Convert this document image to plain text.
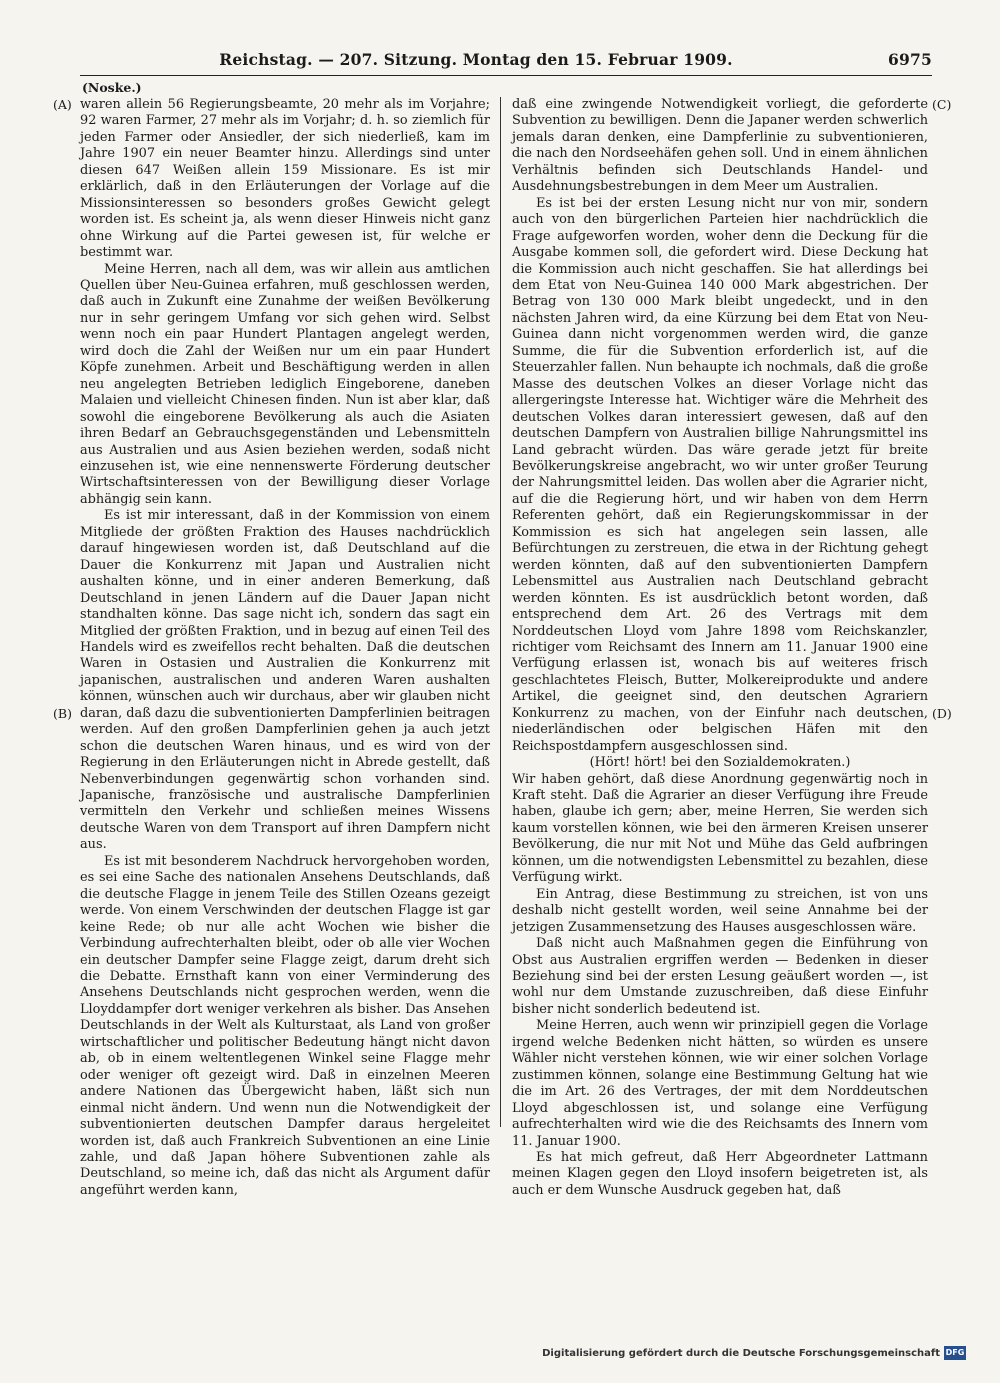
Reichstag. — 207. Sitzung. Montag den 15. Februar 1909.	6975
(Noske.)
(A)
(B)
(C)
(D)

waren allein 56 Regierungsbeamte, 20 mehr als im Vorjahre; 92 waren Farmer, 27 mehr als im Vorjahr; d. h. so ziemlich für jeden Farmer oder Ansiedler, der sich niederließ, kam im Jahre 1907 ein neuer Beamter hinzu. Allerdings sind unter diesen 647 Weißen allein 159 Missionare. Es ist mir erklärlich, daß in den Erläuterungen der Vorlage auf die Missionsinteressen so besonders großes Gewicht gelegt worden ist. Es scheint ja, als wenn dieser Hinweis nicht ganz ohne Wirkung auf die Partei gewesen ist, für welche er bestimmt war.

Meine Herren, nach all dem, was wir allein aus amtlichen Quellen über Neu-Guinea erfahren, muß geschlossen werden, daß auch in Zukunft eine Zunahme der weißen Bevölkerung nur in sehr geringem Umfang vor sich gehen wird. Selbst wenn noch ein paar Hundert Plantagen angelegt werden, wird doch die Zahl der Weißen nur um ein paar Hundert Köpfe zunehmen. Arbeit und Beschäftigung werden in allen neu angelegten Betrieben lediglich Eingeborene, daneben Malaien und vielleicht Chinesen finden. Nun ist aber klar, daß sowohl die eingeborene Bevölkerung als auch die Asiaten ihren Bedarf an Gebrauchsgegenständen und Lebensmitteln aus Australien und aus Asien beziehen werden, sodaß nicht einzusehen ist, wie eine nennenswerte Förderung deutscher Wirtschaftsinteressen von der Bewilligung dieser Vorlage abhängig sein kann.

Es ist mir interessant, daß in der Kommission von einem Mitgliede der größten Fraktion des Hauses nachdrücklich darauf hingewiesen worden ist, daß Deutschland auf die Dauer die Konkurrenz mit Japan und Australien nicht aushalten könne, und in einer anderen Bemerkung, daß Deutschland in jenen Ländern auf die Dauer Japan nicht standhalten könne. Das sage nicht ich, sondern das sagt ein Mitglied der größten Fraktion, und in bezug auf einen Teil des Handels wird es zweifellos recht behalten. Daß die deutschen Waren in Ostasien und Australien die Konkurrenz mit japanischen, australischen und anderen Waren aushalten können, wünschen auch wir durchaus, aber wir glauben nicht daran, daß dazu die subventionierten Dampferlinien beitragen werden. Auf den großen Dampferlinien gehen ja auch jetzt schon die deutschen Waren hinaus, und es wird von der Regierung in den Erläuterungen nicht in Abrede gestellt, daß Nebenverbindungen gegenwärtig schon vorhanden sind. Japanische, französische und australische Dampferlinien vermitteln den Verkehr und schließen meines Wissens deutsche Waren von dem Transport auf ihren Dampfern nicht aus.

Es ist mit besonderem Nachdruck hervorgehoben worden, es sei eine Sache des nationalen Ansehens Deutschlands, daß die deutsche Flagge in jenem Teile des Stillen Ozeans gezeigt werde. Von einem Verschwinden der deutschen Flagge ist gar keine Rede; ob nur alle acht Wochen wie bisher die Verbindung aufrechterhalten bleibt, oder ob alle vier Wochen ein deutscher Dampfer seine Flagge zeigt, darum dreht sich die Debatte. Ernsthaft kann von einer Verminderung des Ansehens Deutschlands nicht gesprochen werden, wenn die Lloyddampfer dort weniger verkehren als bisher. Das Ansehen Deutschlands in der Welt als Kulturstaat, als Land von großer wirtschaftlicher und politischer Bedeutung hängt nicht davon ab, ob in einem weltentlegenen Winkel seine Flagge mehr oder weniger oft gezeigt wird. Daß in einzelnen Meeren andere Nationen das Übergewicht haben, läßt sich nun einmal nicht ändern. Und wenn nun die Notwendigkeit der subventionierten deutschen Dampfer daraus hergeleitet worden ist, daß auch Frankreich Subventionen an eine Linie zahle, und daß Japan höhere Subventionen zahle als Deutschland, so meine ich, daß das nicht als Argument dafür angeführt werden kann,

daß eine zwingende Notwendigkeit vorliegt, die geforderte Subvention zu bewilligen. Denn die Japaner werden schwerlich jemals daran denken, eine Dampferlinie zu subventionieren, die nach den Nordseehäfen gehen soll. Und in einem ähnlichen Verhältnis befinden sich Deutschlands Handel- und Ausdehnungsbestrebungen in dem Meer um Australien.

Es ist bei der ersten Lesung nicht nur von mir, sondern auch von den bürgerlichen Parteien hier nachdrücklich die Frage aufgeworfen worden, woher denn die Deckung für die Ausgabe kommen soll, die gefordert wird. Diese Deckung hat die Kommission auch nicht geschaffen. Sie hat allerdings bei dem Etat von Neu-Guinea 140 000 Mark abgestrichen. Der Betrag von 130 000 Mark bleibt ungedeckt, und in den nächsten Jahren wird, da eine Kürzung bei dem Etat von Neu-Guinea dann nicht vorgenommen werden wird, die ganze Summe, die für die Subvention erforderlich ist, auf die Steuerzahler fallen. Nun behaupte ich nochmals, daß die große Masse des deutschen Volkes an dieser Vorlage nicht das allergeringste Interesse hat. Wichtiger wäre die Mehrheit des deutschen Volkes daran interessiert gewesen, daß auf den deutschen Dampfern von Australien billige Nahrungsmittel ins Land gebracht würden. Das wäre gerade jetzt für breite Bevölkerungskreise angebracht, wo wir unter großer Teurung der Nahrungsmittel leiden. Das wollen aber die Agrarier nicht, auf die die Regierung hört, und wir haben von dem Herrn Referenten gehört, daß ein Regierungskommissar in der Kommission es sich hat angelegen sein lassen, alle Befürchtungen zu zerstreuen, die etwa in der Richtung gehegt werden könnten, daß auf den subventionierten Dampfern Lebensmittel aus Australien nach Deutschland gebracht werden könnten. Es ist ausdrücklich betont worden, daß entsprechend dem Art. 26 des Vertrags mit dem Norddeutschen Lloyd vom Jahre 1898 vom Reichskanzler, richtiger vom Reichsamt des Innern am 11. Januar 1900 eine Verfügung erlassen ist, wonach bis auf weiteres frisch geschlachtetes Fleisch, Butter, Molkereiprodukte und andere Artikel, die geeignet sind, den deutschen Agrariern Konkurrenz zu machen, von der Einfuhr nach deutschen, niederländischen oder belgischen Häfen mit den Reichspostdampfern ausgeschlossen sind.

(Hört! hört! bei den Sozialdemokraten.)

Wir haben gehört, daß diese Anordnung gegenwärtig noch in Kraft steht. Daß die Agrarier an dieser Verfügung ihre Freude haben, glaube ich gern; aber, meine Herren, Sie werden sich kaum vorstellen können, wie bei den ärmeren Kreisen unserer Bevölkerung, die nur mit Not und Mühe das Geld aufbringen können, um die notwendigsten Lebensmittel zu bezahlen, diese Verfügung wirkt.

Ein Antrag, diese Bestimmung zu streichen, ist von uns deshalb nicht gestellt worden, weil seine Annahme bei der jetzigen Zusammensetzung des Hauses ausgeschlossen wäre.

Daß nicht auch Maßnahmen gegen die Einführung von Obst aus Australien ergriffen werden — Bedenken in dieser Beziehung sind bei der ersten Lesung geäußert worden —, ist wohl nur dem Umstande zuzuschreiben, daß diese Einfuhr bisher nicht sonderlich bedeutend ist.

Meine Herren, auch wenn wir prinzipiell gegen die Vorlage irgend welche Bedenken nicht hätten, so würden es unsere Wähler nicht verstehen können, wie wir einer solchen Vorlage zustimmen können, solange eine Bestimmung Geltung hat wie die im Art. 26 des Vertrages, der mit dem Norddeutschen Lloyd abgeschlossen ist, und solange eine Verfügung aufrechterhalten wird wie die des Reichsamts des Innern vom 11. Januar 1900.

Es hat mich gefreut, daß Herr Abgeordneter Lattmann meinen Klagen gegen den Lloyd insofern beigetreten ist, als auch er dem Wunsche Ausdruck gegeben hat, daß

Digitalisierung gefördert durch die Deutsche Forschungsgemeinschaft DFG
